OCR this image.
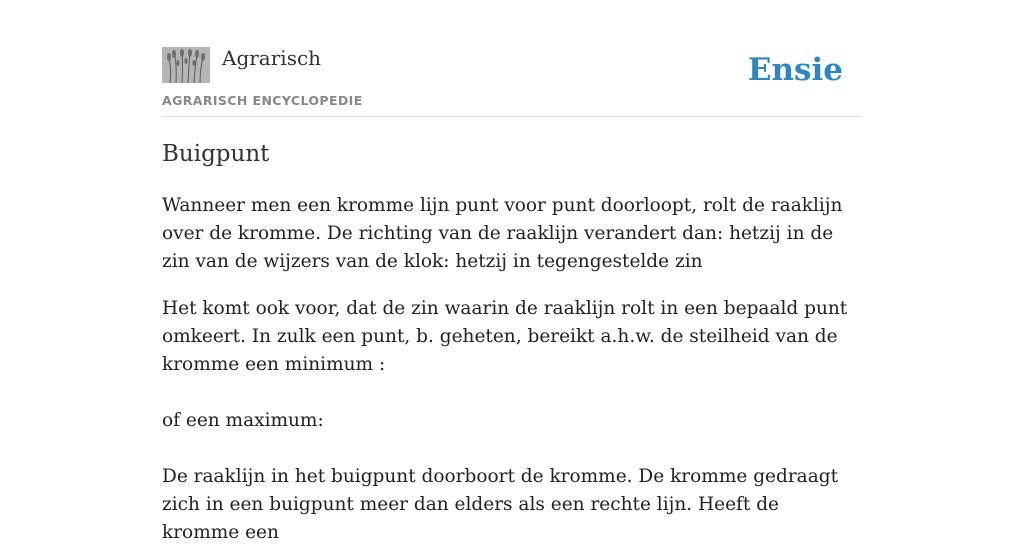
Agrarisch
AGRARISCH ENCYCLOPEDIE
Ensie
Buigpunt

Wanneer men een kromme lijn punt voor punt doorloopt, rolt de raaklijn over de kromme. De richting van de raaklijn verandert dan: hetzij in de zin van de wijzers van de klok: hetzij in tegengestelde zin

Het komt ook voor, dat de zin waarin de raaklijn rolt in een bepaald punt omkeert. In zulk een punt, b. geheten, bereikt a.h.w. de steilheid van de kromme een minimum :

of een maximum:

De raaklijn in het buigpunt doorboort de kromme. De kromme gedraagt zich in een buigpunt meer dan elders als een rechte lijn. Heeft de kromme een
